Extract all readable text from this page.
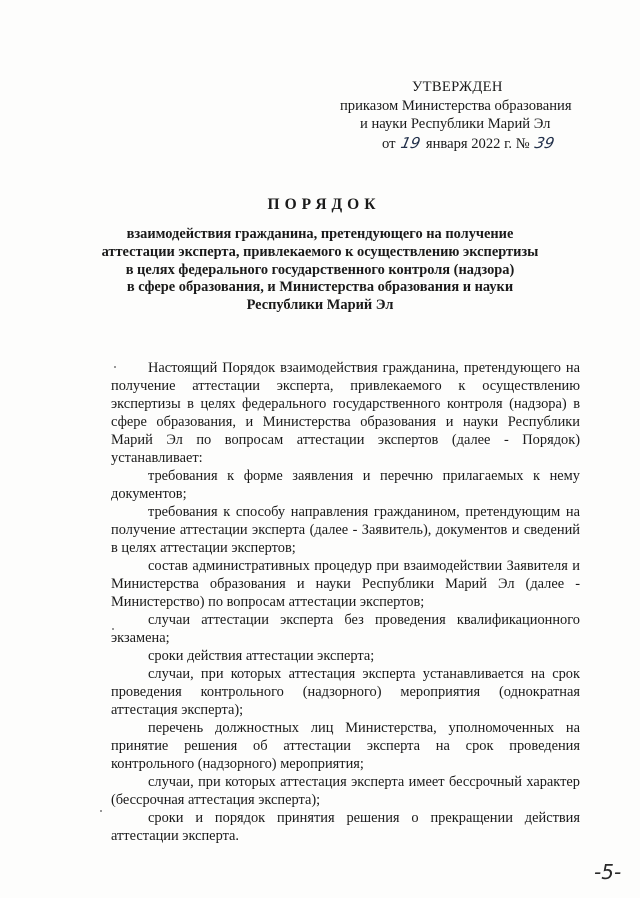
УТВЕРЖДЕН
приказом Министерства образования
и науки Республики Марий Эл
от 19 января 2022 г. № 39
ПОРЯДОК
взаимодействия гражданина, претендующего на получение
аттестации эксперта, привлекаемого к осуществлению экспертизы
в целях федерального государственного контроля (надзора)
в сфере образования, и Министерства образования и науки
Республики Марий Эл

Настоящий Порядок взаимодействия гражданина, претендующего на получение аттестации эксперта, привлекаемого к осуществлению экспертизы в целях федерального государственного контроля (надзора) в сфере образования, и Министерства образования и науки Республики Марий Эл по вопросам аттестации экспертов (далее - Порядок) устанавливает:

требования к форме заявления и перечню прилагаемых к нему документов;

требования к способу направления гражданином, претендующим на получение аттестации эксперта (далее - Заявитель), документов и сведений в целях аттестации экспертов;

состав административных процедур при взаимодействии Заявителя и Министерства образования и науки Республики Марий Эл (далее - Министерство) по вопросам аттестации экспертов;

случаи аттестации эксперта без проведения квалификационного экзамена;

сроки действия аттестации эксперта;

случаи, при которых аттестация эксперта устанавливается на срок проведения контрольного (надзорного) мероприятия (однократная аттестация эксперта);

перечень должностных лиц Министерства, уполномоченных на принятие решения об аттестации эксперта на срок проведения контрольного (надзорного) мероприятия;

случаи, при которых аттестация эксперта имеет бессрочный характер (бессрочная аттестация эксперта);

сроки и порядок принятия решения о прекращении действия аттестации эксперта.

-5-
